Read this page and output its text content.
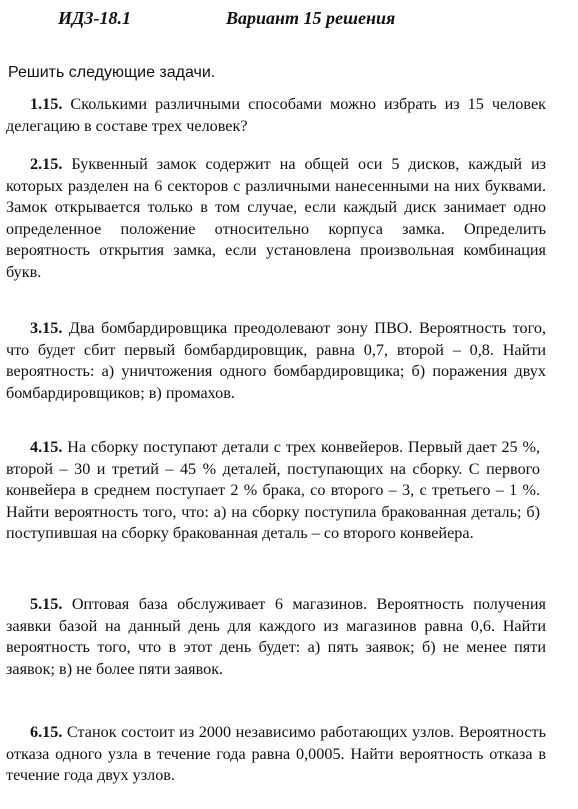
ИДЗ-18.1	Вариант 15 решения
Решить следующие задачи.
1.15. Сколькими различными способами можно избрать из 15 человек делегацию в составе трех человек?
2.15. Буквенный замок содержит на общей оси 5 дисков, каждый из которых разделен на 6 секторов с различными нанесенными на них буквами. Замок открывается только в том случае, если каждый диск занимает одно определенное положение относительно корпуса замка. Определить вероятность открытия замка, если установлена произвольная комбинация букв.
3.15. Два бомбардировщика преодолевают зону ПВО. Вероятность того, что будет сбит первый бомбардировщик, равна 0,7, второй – 0,8. Найти вероятность: а) уничтожения одного бомбардировщика; б) поражения двух бомбардировщиков; в) промахов.
4.15. На сборку поступают детали с трех конвейеров. Первый дает 25 %, второй – 30 и третий – 45 % деталей, поступающих на сборку. С первого конвейера в среднем поступает 2 % брака, со второго – 3, с третьего – 1 %. Найти вероятность того, что: а) на сборку поступила бракованная деталь; б) поступившая на сборку бракованная деталь – со второго конвейера.
5.15. Оптовая база обслуживает 6 магазинов. Вероятность получения заявки базой на данный день для каждого из магазинов равна 0,6. Найти вероятность того, что в этот день будет: а) пять заявок; б) не менее пяти заявок; в) не более пяти заявок.
6.15. Станок состоит из 2000 независимо работающих узлов. Вероятность отказа одного узла в течение года равна 0,0005. Найти вероятность отказа в течение года двух узлов.
